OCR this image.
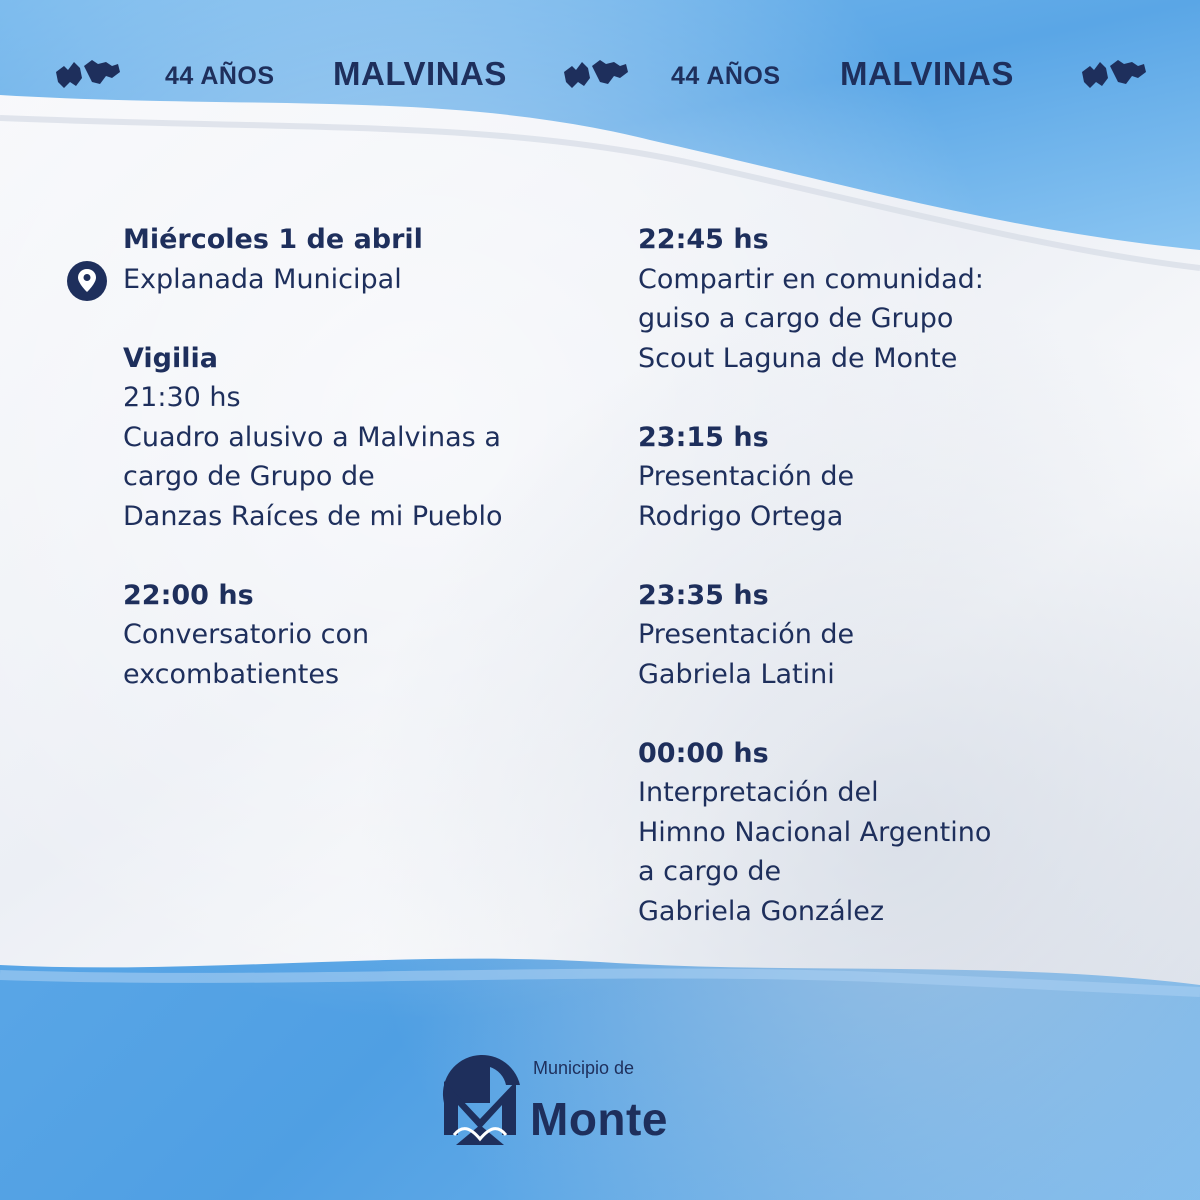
44 AÑOS MALVINAS	44 AÑOS MALVINAS

Miércoles 1 de abril

Explanada Municipal

Vigilia

21:30 hs

Cuadro alusivo a Malvinas a

cargo de Grupo de

Danzas Raíces de mi Pueblo

22:00 hs

Conversatorio con

excombatientes

22:45 hs

Compartir en comunidad:

guiso a cargo de Grupo

Scout Laguna de Monte

23:15 hs

Presentación de

Rodrigo Ortega

23:35 hs

Presentación de

Gabriela Latini

00:00 hs

Interpretación del

Himno Nacional Argentino

a cargo de

Gabriela González

Municipio de
Monte
